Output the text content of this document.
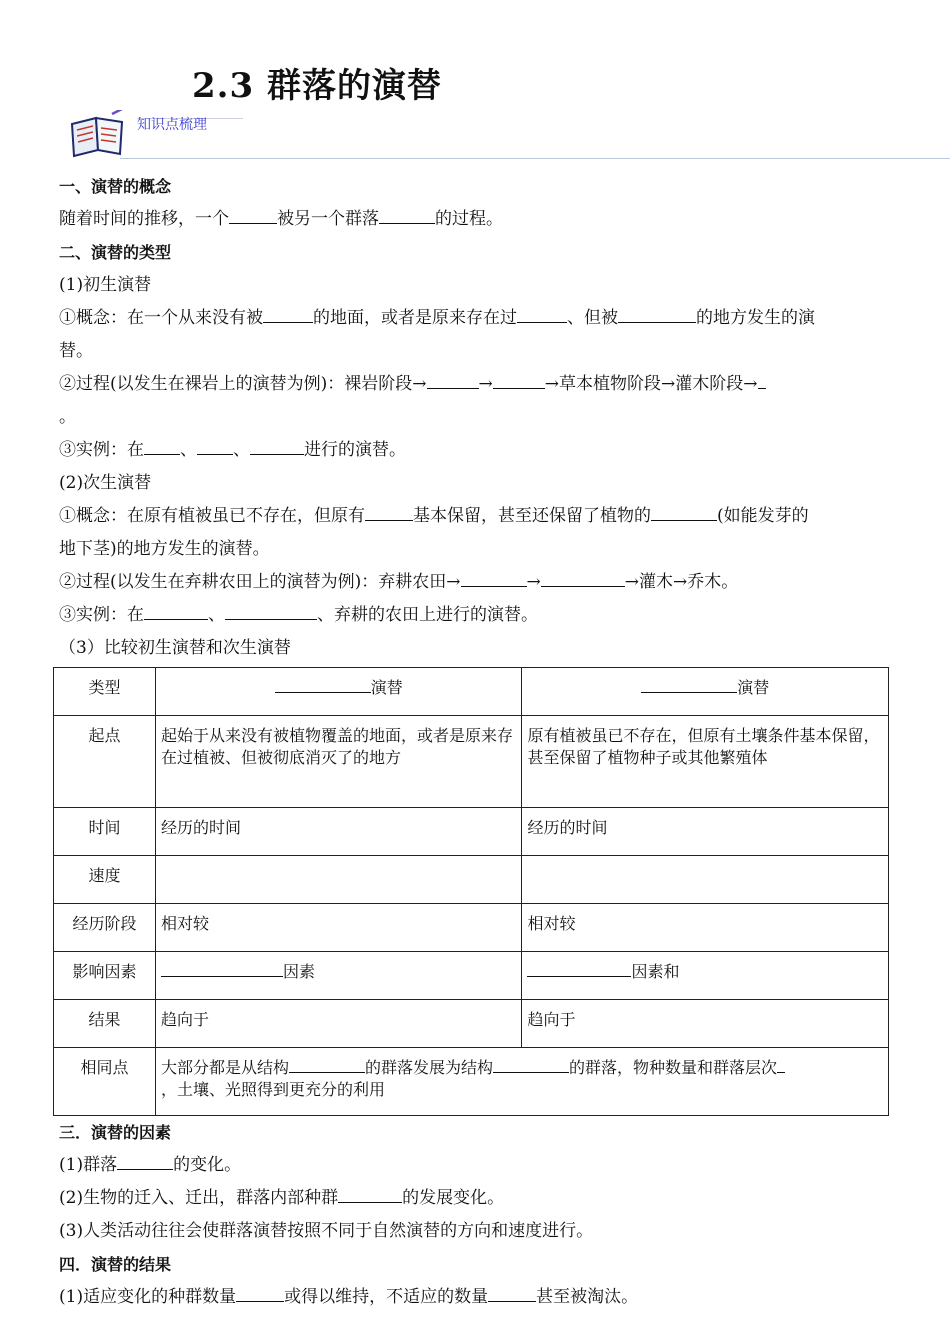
2.3 群落的演替
知识点梳理
一、演替的概念
随着时间的推移，一个	被另一个群落	的过程。
二、演替的类型
(1)初生演替
①概念：在一个从来没有被	的地面，或者是原来存在过	、但被	的地方发生的演
替。
②过程(以发生在裸岩上的演替为例)：裸岩阶段→	→	→草本植物阶段→灌木阶段→
。
③实例：在 、 、	进行的演替。
(2)次生演替
①概念：在原有植被虽已不存在，但原有	基本保留，甚至还保留了植物的	(如能发芽的
地下茎)的地方发生的演替。
②过程(以发生在弃耕农田上的演替为例)：弃耕农田→	→	→灌木→乔木。
③实例：在	、	、弃耕的农田上进行的演替。
（3）比较初生演替和次生演替
类型	演替	演替
起点	起始于从来没有被植物覆盖的地面，或者是原来存在过植被、但被彻底消灭了的地方	原有植被虽已不存在，但原有土壤条件基本保留，甚至保留了植物种子或其他繁殖体
时间	经历的时间	经历的时间
速度		
经历阶段	相对较	相对较
影响因素	因素	因素和
结果	趋向于	趋向于
相同点	大部分都是从结构 的群落发展为结构 的群落，物种数量和群落层次
，土壤、光照得到更充分的利用	
三．演替的因素
(1)群落	的变化。
(2)生物的迁入、迁出，群落内部种群	的发展变化。
(3)人类活动往往会使群落演替按照不同于自然演替的方向和速度进行。
四．演替的结果
(1)适应变化的种群数量	或得以维持，不适应的数量	甚至被淘汰。
